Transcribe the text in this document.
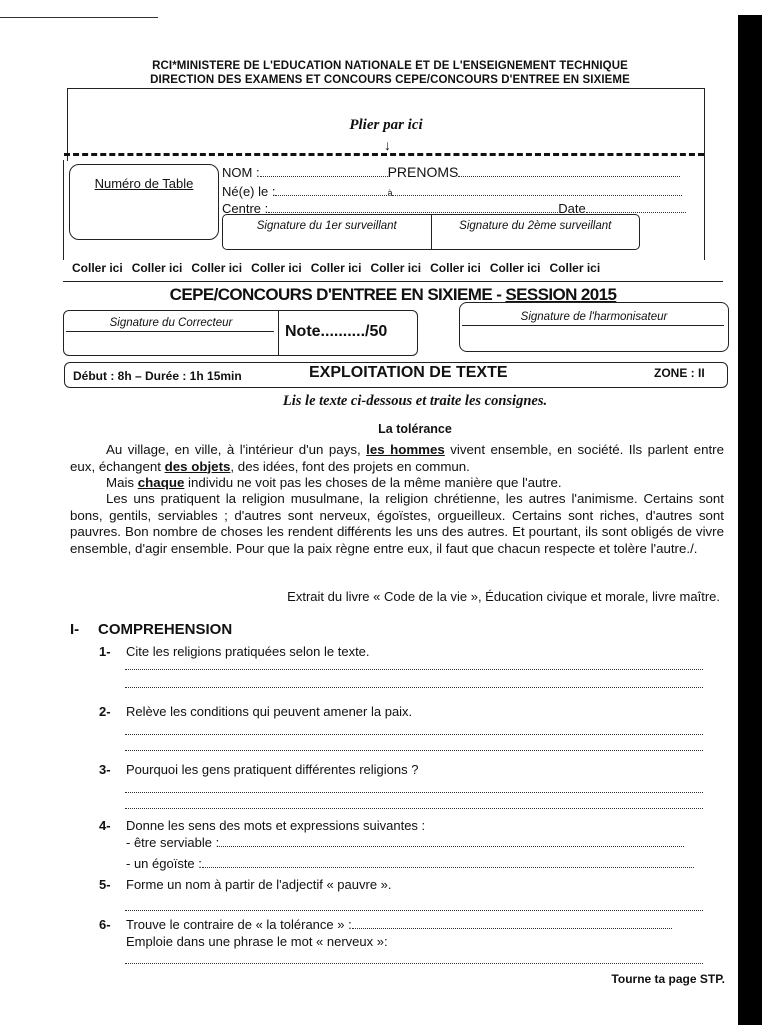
RCI*MINISTERE DE L'EDUCATION NATIONALE ET DE L'ENSEIGNEMENT TECHNIQUE
DIRECTION DES EXAMENS ET CONCOURS CEPE/CONCOURS D'ENTREE EN SIXIEME
Plier par ici
↓
Numéro de Table
NOM :	PRENOMS
Né(e) le :	à
Centre :	Date
Signature du 1er surveillant	Signature du 2ème surveillant
Coller ici Coller ici Coller ici Coller ici Coller ici Coller ici Coller ici Coller ici Coller ici
CEPE/CONCOURS D'ENTREE EN SIXIEME - SESSION 2015
Signature du Correcteur	Note........../50
Signature de l'harmonisateur
Début : 8h – Durée : 1h 15min	EXPLOITATION DE TEXTE	ZONE : II
Lis le texte ci-dessous et traite les consignes.
La tolérance
Au village, en ville, à l'intérieur d'un pays, les hommes vivent ensemble, en société. Ils parlent entre eux, échangent des objets, des idées, font des projets en commun.
Mais chaque individu ne voit pas les choses de la même manière que l'autre.
Les uns pratiquent la religion musulmane, la religion chrétienne, les autres l'animisme. Certains sont bons, gentils, serviables ; d'autres sont nerveux, égoïstes, orgueilleux. Certains sont riches, d'autres sont pauvres. Bon nombre de choses les rendent différents les uns des autres. Et pourtant, ils sont obligés de vivre ensemble, d'agir ensemble. Pour que la paix règne entre eux, il faut que chacun respecte et tolère l'autre./.
Extrait du livre « Code de la vie », Éducation civique et morale, livre maître.
I- COMPREHENSION
1- Cite les religions pratiquées selon le texte.
2- Relève les conditions qui peuvent amener la paix.
3- Pourquoi les gens pratiquent différentes religions ?
4- Donne les sens des mots et expressions suivantes :
- être serviable :
- un égoïste :
5- Forme un nom à partir de l'adjectif « pauvre ».
6- Trouve le contraire de « la tolérance » :
Emploie dans une phrase le mot « nerveux »:
Tourne ta page STP.
